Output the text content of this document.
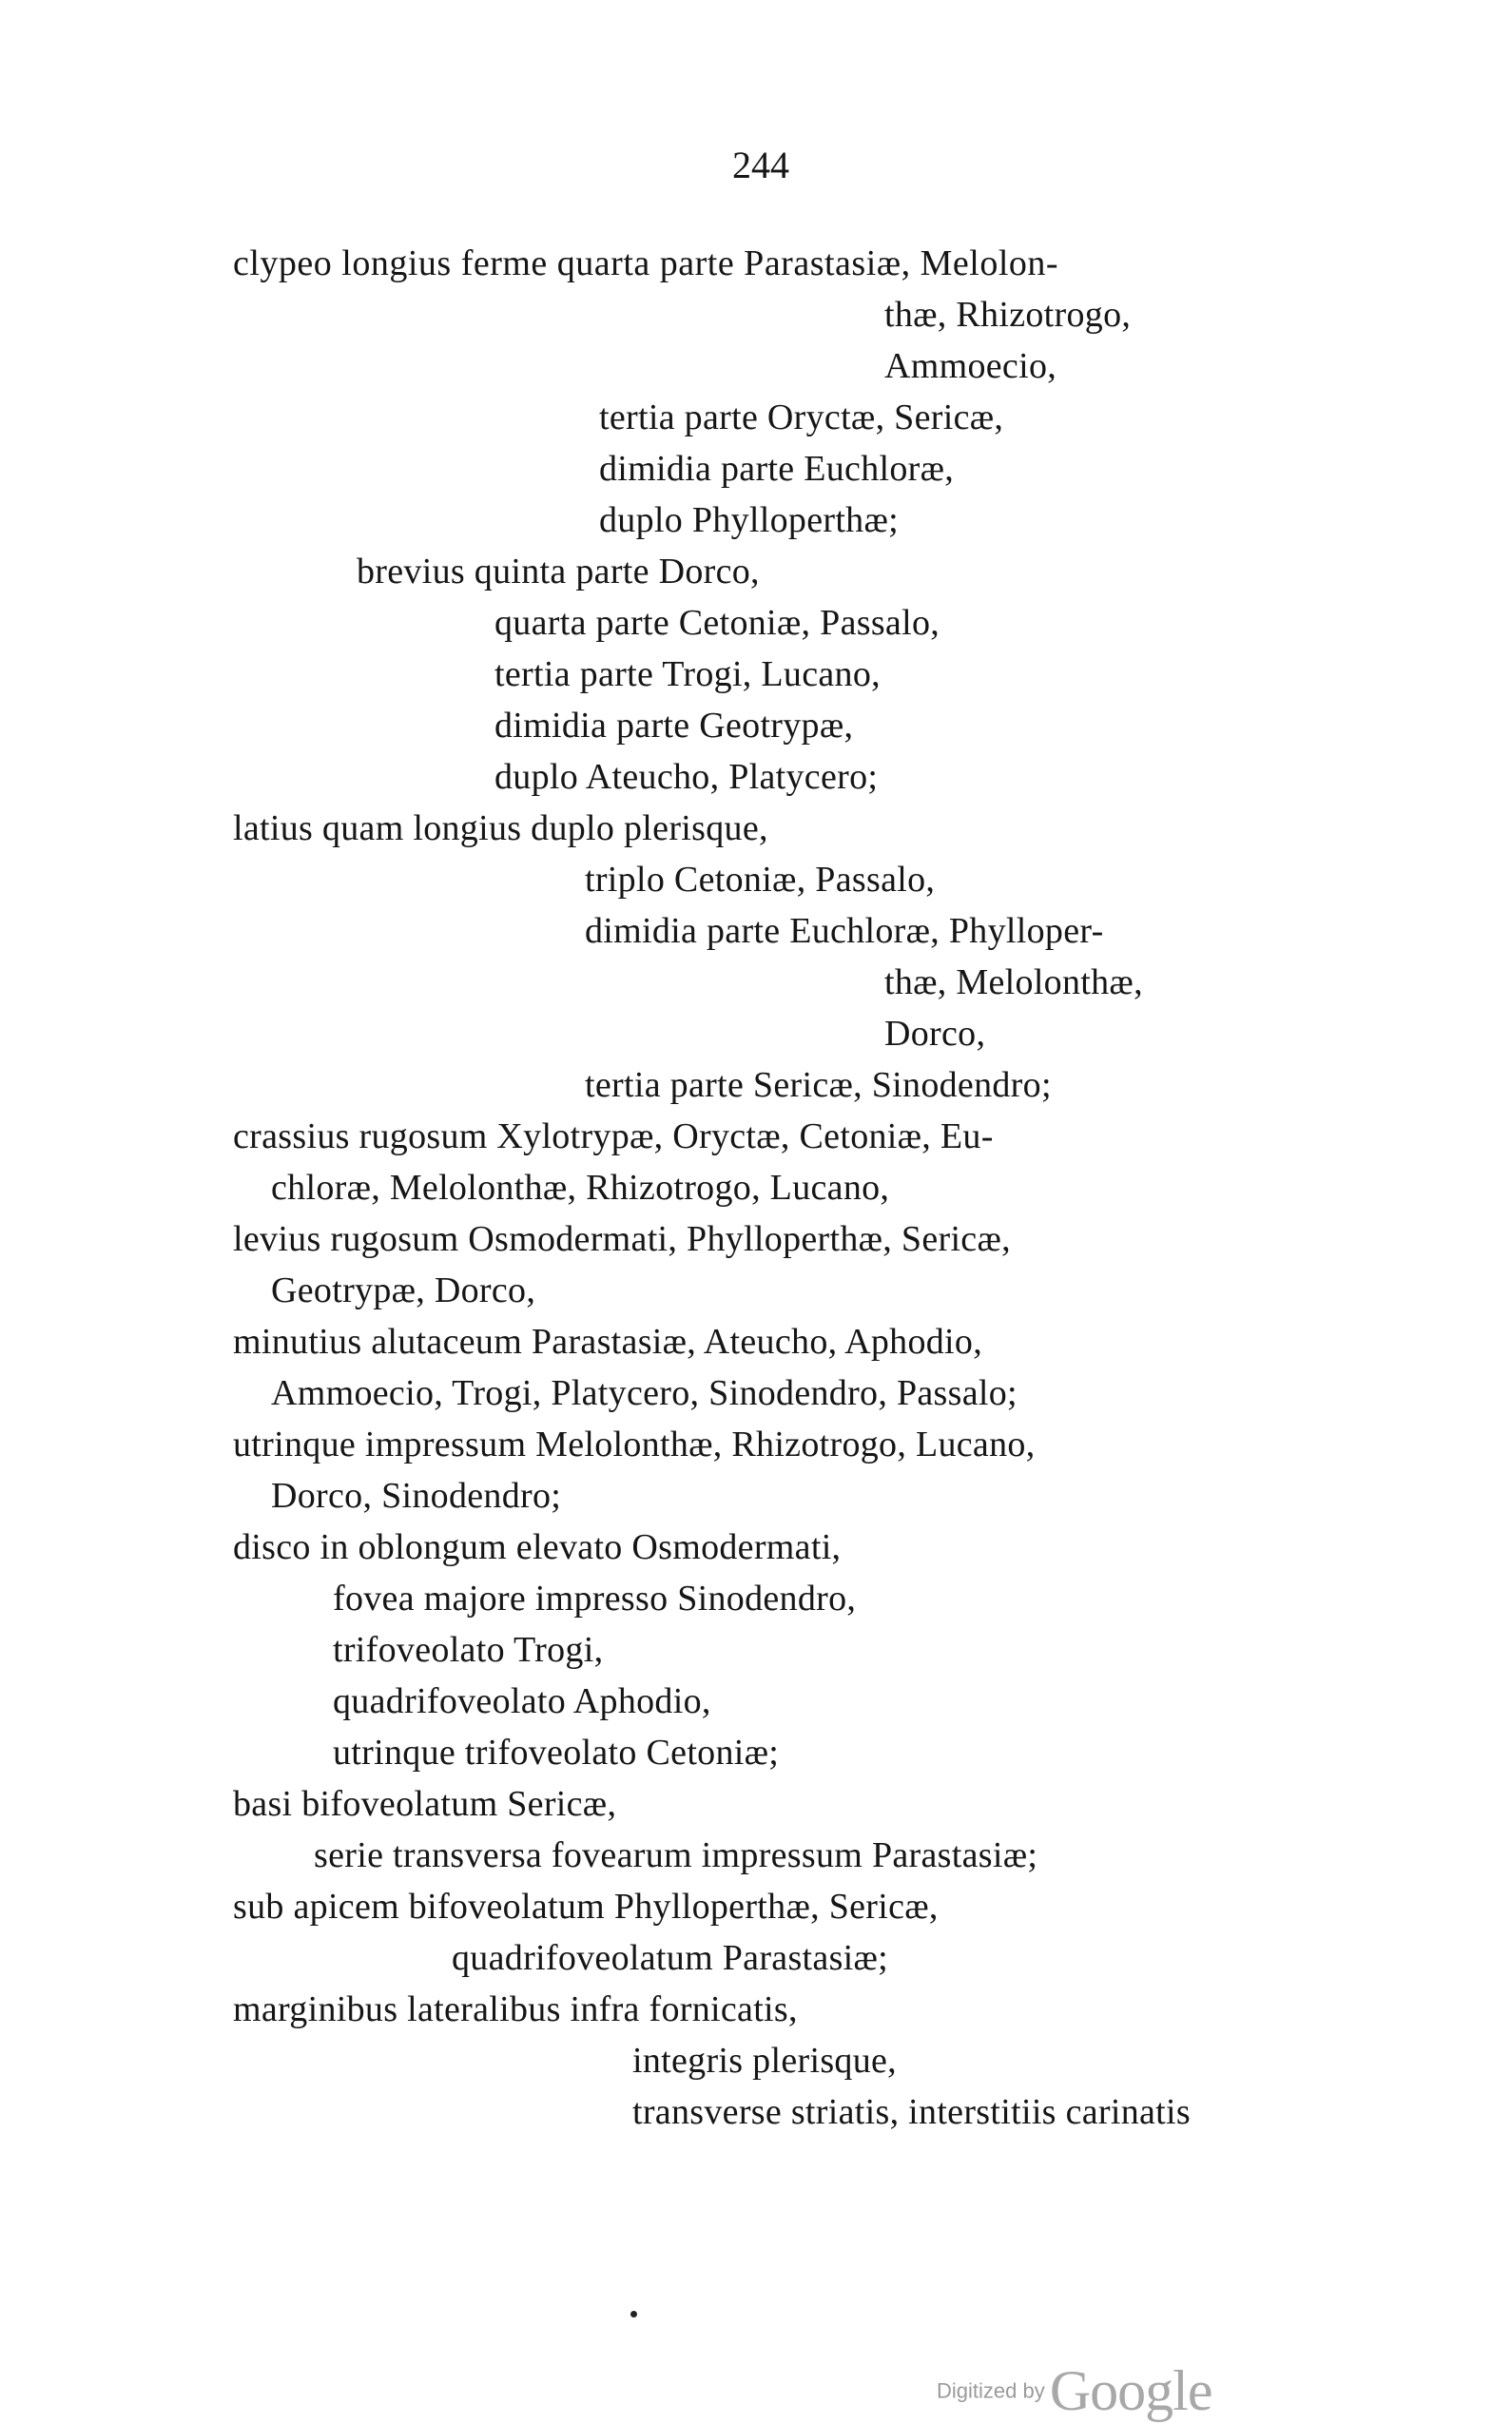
244
clypeo longius ferme quarta parte Parastasiæ, Melolon-
thæ, Rhizotrogo,
Ammoecio,
tertia parte Oryctæ, Sericæ,
dimidia parte Euchloræ,
duplo Phylloperthæ;
brevius quinta parte Dorco,
quarta parte Cetoniæ, Passalo,
tertia parte Trogi, Lucano,
dimidia parte Geotrypæ,
duplo Ateucho, Platycero;
latius quam longius duplo plerisque,
triplo Cetoniæ, Passalo,
dimidia parte Euchloræ, Phylloper-
thæ, Melolonthæ,
Dorco,
tertia parte Sericæ, Sinodendro;
crassius rugosum Xylotrypæ, Oryctæ, Cetoniæ, Eu-
chloræ, Melolonthæ, Rhizotrogo, Lucano,
levius rugosum Osmodermati, Phylloperthæ, Sericæ,
Geotrypæ, Dorco,
minutius alutaceum Parastasiæ, Ateucho, Aphodio,
Ammoecio, Trogi, Platycero, Sinodendro, Passalo;
utrinque impressum Melolonthæ, Rhizotrogo, Lucano,
Dorco, Sinodendro;
disco in oblongum elevato Osmodermati,
fovea majore impresso Sinodendro,
trifoveolato Trogi,
quadrifoveolato Aphodio,
utrinque trifoveolato Cetoniæ;
basi bifoveolatum Sericæ,
serie transversa fovearum impressum Parastasiæ;
sub apicem bifoveolatum Phylloperthæ, Sericæ,
quadrifoveolatum Parastasiæ;
marginibus lateralibus infra fornicatis,
integris plerisque,
transverse striatis, interstitiis carinatis
Digitized by Google
